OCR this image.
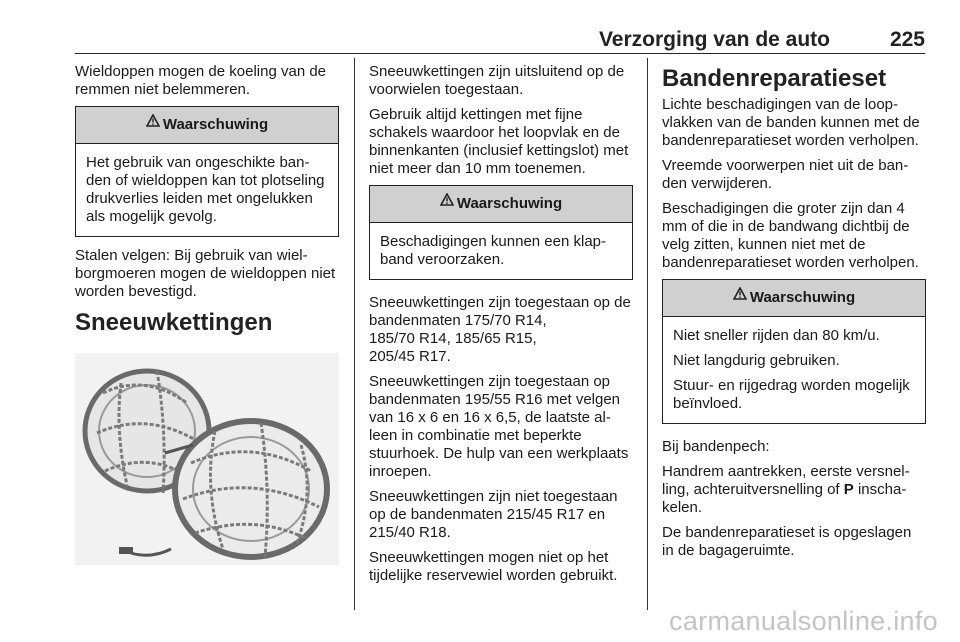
Verzorging van de auto	225

Wieldoppen mogen de koeling van de remmen niet belemmeren.

Waarschuwing

Het gebruik van ongeschikte banden of wieldoppen kan tot plotseling drukverlies leiden met ongelukken als mogelijk gevolg.

Stalen velgen: Bij gebruik van wielborgmoeren mogen de wieldoppen niet worden bevestigd.

Sneeuwkettingen

Sneeuwkettingen zijn uitsluitend op de voorwielen toegestaan.

Gebruik altijd kettingen met fijne schakels waardoor het loopvlak en de binnenkanten (inclusief kettingslot) met niet meer dan 10 mm toenemen.

Waarschuwing

Beschadigingen kunnen een klapband veroorzaken.

Sneeuwkettingen zijn toegestaan op de bandenmaten 175/70 R14,
185/70 R14, 185/65 R15,
205/45 R17.

Sneeuwkettingen zijn toegestaan op bandenmaten 195/55 R16 met velgen van 16 x 6 en 16 x 6,5, de laatste alleen in combinatie met beperkte stuurhoek. De hulp van een werkplaats inroepen.

Sneeuwkettingen zijn niet toegestaan op de bandenmaten 215/45 R17 en 215/40 R18.

Sneeuwkettingen mogen niet op het tijdelijke reservewiel worden gebruikt.

Bandenreparatieset

Lichte beschadigingen van de loopvlakken van de banden kunnen met de bandenreparatieset worden verholpen.

Vreemde voorwerpen niet uit de banden verwijderen.

Beschadigingen die groter zijn dan 4 mm of die in de bandwang dichtbij de velg zitten, kunnen niet met de bandenreparatieset worden verholpen.

Waarschuwing

Niet sneller rijden dan 80 km/u.

Niet langdurig gebruiken.

Stuur- en rijgedrag worden mogelijk beïnvloed.

Bij bandenpech:

Handrem aantrekken, eerste versnelling, achteruitversnelling of P inschakelen.

De bandenreparatieset is opgeslagen in de bagageruimte.

carmanualsonline.info
